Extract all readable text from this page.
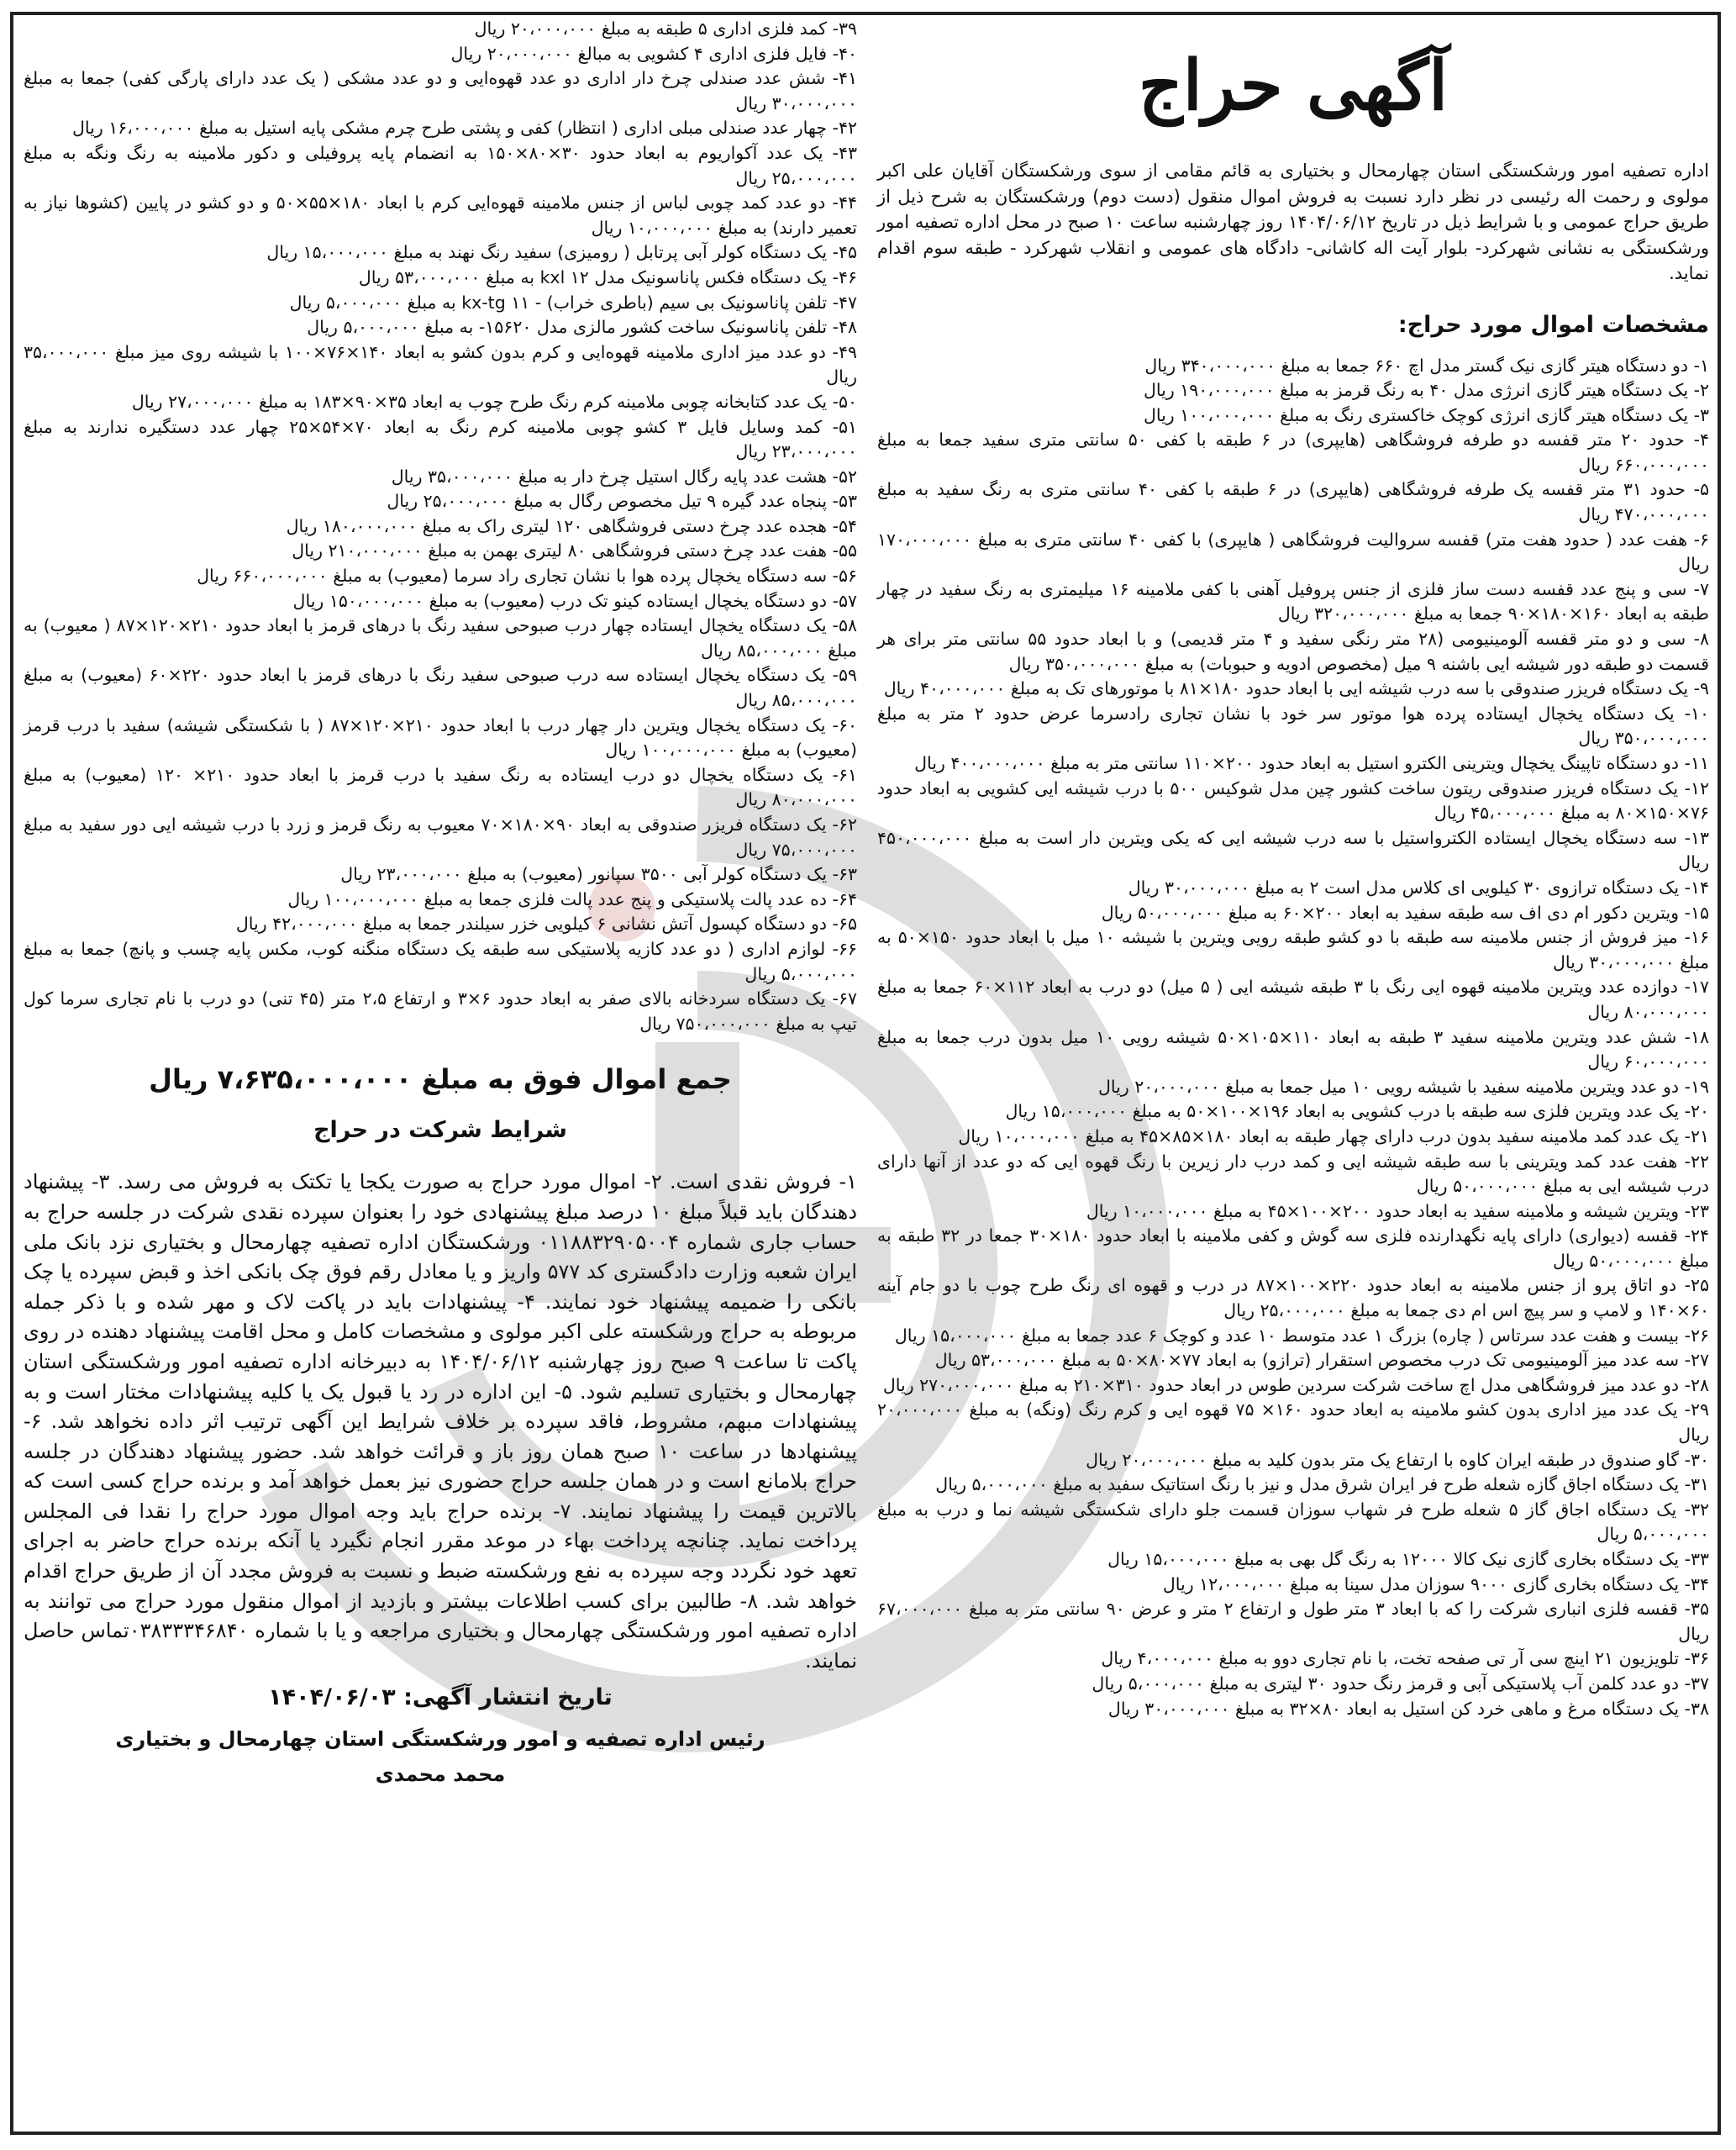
آگهی حراج

اداره تصفیه امور ورشکستگی استان چهارمحال و بختیاری به قائم مقامی از سوی ورشکستگان آقایان علی اکبر مولوی و رحمت اله رئیسی در نظر دارد نسبت به فروش اموال منقول (دست دوم) ورشکستگان به شرح ذیل از طریق حراج عمومی و با شرایط ذیل در تاریخ ۱۴۰۴/۰۶/۱۲ روز چهارشنبه ساعت ۱۰ صبح در محل اداره تصفیه امور ورشکستگی به نشانی شهرکرد- بلوار آیت اله کاشانی- دادگاه های عمومی و انقلاب شهرکرد - طبقه سوم اقدام نماید.

مشخصات اموال مورد حراج:

۱- دو دستگاه هیتر گازی نیک گستر مدل اچ ۶۶۰ جمعا به مبلغ ۳۴۰،۰۰۰،۰۰۰ ریال

۲- یک دستگاه هیتر گازی انرژی مدل ۴۰ به رنگ قرمز به مبلغ ۱۹۰،۰۰۰،۰۰۰ ریال

۳- یک دستگاه هیتر گازی انرژی کوچک خاکستری رنگ به مبلغ ۱۰۰،۰۰۰،۰۰۰ ریال

۴- حدود ۲۰ متر قفسه دو طرفه فروشگاهی (هایپری) در ۶ طبقه با کفی ۵۰ سانتی متری سفید جمعا به مبلغ ۶۶۰،۰۰۰،۰۰۰ ریال

۵- حدود ۳۱ متر قفسه یک طرفه فروشگاهی (هایپری) در ۶ طبقه با کفی ۴۰ سانتی متری به رنگ سفید به مبلغ ۴۷۰،۰۰۰،۰۰۰ ریال

۶- هفت عدد ( حدود هفت متر) قفسه سروالیت فروشگاهی ( هایپری) با کفی ۴۰ سانتی متری به مبلغ ۱۷۰،۰۰۰،۰۰۰ ریال

۷- سی و پنج عدد قفسه دست ساز فلزی از جنس پروفیل آهنی با کفی ملامینه ۱۶ میلیمتری به رنگ سفید در چهار طبقه به ابعاد ۱۶۰×۱۸۰×۹۰ جمعا به مبلغ ۳۲۰،۰۰۰،۰۰۰ ریال

۸- سی و دو متر قفسه آلومینیومی (۲۸ متر رنگی سفید و ۴ متر قدیمی) و با ابعاد حدود ۵۵ سانتی متر برای هر قسمت دو طبقه دور شیشه ایی باشنه ۹ میل (مخصوص ادویه و حبوبات) به مبلغ ۳۵۰،۰۰۰،۰۰۰ ریال

۹- یک دستگاه فریزر صندوقی با سه درب شیشه ایی با ابعاد حدود ۱۸۰×۸۱ با موتورهای تک به مبلغ ۴۰،۰۰۰،۰۰۰ ریال

۱۰- یک دستگاه یخچال ایستاده پرده هوا موتور سر خود با نشان تجاری رادسرما عرض حدود ۲ متر به مبلغ ۳۵۰،۰۰۰،۰۰۰ ریال

۱۱- دو دستگاه تاپینگ یخچال ویترینی الکترو استیل به ابعاد حدود ۲۰۰×۱۱۰ سانتی متر به مبلغ ۴۰۰،۰۰۰،۰۰۰ ریال

۱۲- یک دستگاه فریزر صندوقی ریتون ساخت کشور چین مدل شوکیس ۵۰۰ با درب شیشه ایی کشویی به ابعاد حدود ۷۶×۱۵۰×۸۰ به مبلغ ۴۵،۰۰۰،۰۰۰ ریال

۱۳- سه دستگاه یخچال ایستاده الکترواستیل با سه درب شیشه ایی که یکی ویترین دار است به مبلغ ۴۵۰،۰۰۰،۰۰۰ ریال

۱۴- یک دستگاه ترازوی ۳۰ کیلویی ای کلاس مدل است ۲ به مبلغ ۳۰،۰۰۰،۰۰۰ ریال

۱۵- ویترین دکور ام دی اف سه طبقه سفید به ابعاد ۲۰۰×۶۰ به مبلغ ۵۰،۰۰۰،۰۰۰ ریال

۱۶- میز فروش از جنس ملامینه سه طبقه با دو کشو طبقه رویی ویترین با شیشه ۱۰ میل با ابعاد حدود ۱۵۰×۵۰ به مبلغ ۳۰،۰۰۰،۰۰۰ ریال

۱۷- دوازده عدد ویترین ملامینه قهوه ایی رنگ با ۳ طبقه شیشه ایی ( ۵ میل) دو درب به ابعاد ۱۱۲×۶۰ جمعا به مبلغ ۸۰،۰۰۰،۰۰۰ ریال

۱۸- شش عدد ویترین ملامینه سفید ۳ طبقه به ابعاد ۱۱۰×۱۰۵×۵۰ شیشه رویی ۱۰ میل بدون درب جمعا به مبلغ ۶۰،۰۰۰،۰۰۰ ریال

۱۹- دو عدد ویترین ملامینه سفید با شیشه رویی ۱۰ میل جمعا به مبلغ ۲۰،۰۰۰،۰۰۰ ریال

۲۰- یک عدد ویترین فلزی سه طبقه با درب کشویی به ابعاد ۱۹۶×۱۰۰×۵۰ به مبلغ ۱۵،۰۰۰،۰۰۰ ریال

۲۱- یک عدد کمد ملامینه سفید بدون درب دارای چهار طبقه به ابعاد ۱۸۰×۸۵×۴۵ به مبلغ ۱۰،۰۰۰،۰۰۰ ریال

۲۲- هفت عدد کمد ویترینی با سه طبقه شیشه ایی و کمد درب دار زیرین با رنگ قهوه ایی که دو عدد از آنها دارای درب شیشه ایی به مبلغ ۵۰،۰۰۰،۰۰۰ ریال

۲۳- ویترین شیشه و ملامینه سفید به ابعاد حدود ۲۰۰×۱۰۰×۴۵ به مبلغ ۱۰،۰۰۰،۰۰۰ ریال

۲۴- قفسه (دیواری) دارای پایه نگهدارنده فلزی سه گوش و کفی ملامینه با ابعاد حدود ۱۸۰×۳۰ جمعا در ۳۲ طبقه به مبلغ ۵۰،۰۰۰،۰۰۰ ریال

۲۵- دو اتاق پرو از جنس ملامینه به ابعاد حدود ۲۲۰×۱۰۰×۸۷ در درب و قهوه ای رنگ طرح چوب با دو جام آینه ۶۰×۱۴۰ و لامپ و سر پیچ اس ام دی جمعا به مبلغ ۲۵،۰۰۰،۰۰۰ ریال

۲۶- بیست و هفت عدد سرتاس ( چاره) بزرگ ۱ عدد متوسط ۱۰ عدد و کوچک ۶ عدد جمعا به مبلغ ۱۵،۰۰۰،۰۰۰ ریال

۲۷- سه عدد میز آلومینیومی تک درب مخصوص استقرار (ترازو) به ابعاد ۷۷×۸۰×۵۰ به مبلغ ۵۳،۰۰۰،۰۰۰ ریال

۲۸- دو عدد میز فروشگاهی مدل اچ ساخت شرکت سردین طوس در ابعاد حدود ۳۱۰×۲۱۰ به مبلغ ۲۷۰،۰۰۰،۰۰۰ ریال

۲۹- یک عدد میز اداری بدون کشو ملامینه به ابعاد حدود ۱۶۰× ۷۵ قهوه ایی و کرم رنگ (ونگه) به مبلغ ۲۰،۰۰۰،۰۰۰ ریال

۳۰- گاو صندوق در طبقه ایران کاوه با ارتفاع یک متر بدون کلید به مبلغ ۲۰،۰۰۰،۰۰۰ ریال

۳۱- یک دستگاه اجاق گازه شعله طرح فر ایران شرق مدل و نیز با رنگ استاتیک سفید به مبلغ ۵،۰۰۰،۰۰۰ ریال

۳۲- یک دستگاه اجاق گاز ۵ شعله طرح فر شهاب سوزان قسمت جلو دارای شکستگی شیشه نما و درب به مبلغ ۵،۰۰۰،۰۰۰ ریال

۳۳- یک دستگاه بخاری گازی نیک کالا ۱۲۰۰۰ به رنگ گل بهی به مبلغ ۱۵،۰۰۰،۰۰۰ ریال

۳۴- یک دستگاه بخاری گازی ۹۰۰۰ سوزان مدل سینا به مبلغ ۱۲،۰۰۰،۰۰۰ ریال

۳۵- قفسه فلزی انباری شرکت را که با ابعاد ۳ متر طول و ارتفاع ۲ متر و عرض ۹۰ سانتی متر به مبلغ ۶۷،۰۰۰،۰۰۰ ریال

۳۶- تلویزیون ۲۱ اینچ سی آر تی صفحه تخت، با نام تجاری دوو به مبلغ ۴،۰۰۰،۰۰۰ ریال

۳۷- دو عدد کلمن آب پلاستیکی آبی و قرمز رنگ حدود ۳۰ لیتری به مبلغ ۵،۰۰۰،۰۰۰ ریال

۳۸- یک دستگاه مرغ و ماهی خرد کن استیل به ابعاد ۸۰×۳۲ به مبلغ ۳۰،۰۰۰،۰۰۰ ریال

۳۹- کمد فلزی اداری ۵ طبقه به مبلغ ۲۰،۰۰۰،۰۰۰ ریال

۴۰- فایل فلزی اداری ۴ کشویی به مبالغ ۲۰،۰۰۰،۰۰۰ ریال

۴۱- شش عدد صندلی چرخ دار اداری دو عدد قهوه‌ایی و دو عدد مشکی ( یک عدد دارای پارگی کفی) جمعا به مبلغ ۳۰،۰۰۰،۰۰۰ ریال

۴۲- چهار عدد صندلی مبلی اداری ( انتظار) کفی و پشتی طرح چرم مشکی پایه استیل به مبلغ ۱۶،۰۰۰،۰۰۰ ریال

۴۳- یک عدد آکواریوم به ابعاد حدود ۳۰×۸۰×۱۵۰ به انضمام پایه پروفیلی و دکور ملامینه به رنگ ونگه به مبلغ ۲۵،۰۰۰،۰۰۰ ریال

۴۴- دو عدد کمد چوبی لباس از جنس ملامینه قهوه‌ایی کرم با ابعاد ۱۸۰×۵۵×۵۰ و دو کشو در پایین (کشوها نیاز به تعمیر دارند) به مبلغ ۱۰،۰۰۰،۰۰۰ ریال

۴۵- یک دستگاه کولر آبی پرتابل ( رومیزی) سفید رنگ نهند به مبلغ ۱۵،۰۰۰،۰۰۰ ریال

۴۶- یک دستگاه فکس پاناسونیک مدل kxl ۱۲ به مبلغ ۵۳،۰۰۰،۰۰۰ ریال

۴۷- تلفن پاناسونیک بی سیم (باطری خراب) - kx-tg ۱۱ به مبلغ ۵،۰۰۰،۰۰۰ ریال

۴۸- تلفن پاناسونیک ساخت کشور مالزی مدل ۱۵۶۲۰- به مبلغ ۵،۰۰۰،۰۰۰ ریال

۴۹- دو عدد میز اداری ملامینه قهوه‌ایی و کرم بدون کشو به ابعاد ۱۴۰×۷۶×۱۰۰ با شیشه روی میز مبلغ ۳۵،۰۰۰،۰۰۰ ریال

۵۰- یک عدد کتابخانه چوبی ملامینه کرم رنگ طرح چوب به ابعاد ۳۵×۹۰×۱۸۳ به مبلغ ۲۷،۰۰۰،۰۰۰ ریال

۵۱- کمد وسایل فایل ۳ کشو چوبی ملامینه کرم رنگ به ابعاد ۷۰×۵۴×۲۵ چهار عدد دستگیره ندارند به مبلغ ۲۳،۰۰۰،۰۰۰ ریال

۵۲- هشت عدد پایه رگال استیل چرخ دار به مبلغ ۳۵،۰۰۰،۰۰۰ ریال

۵۳- پنجاه عدد گیره ۹ تیل مخصوص رگال به مبلغ ۲۵،۰۰۰،۰۰۰ ریال

۵۴- هجده عدد چرخ دستی فروشگاهی ۱۲۰ لیتری راک به مبلغ ۱۸۰،۰۰۰،۰۰۰ ریال

۵۵- هفت عدد چرخ دستی فروشگاهی ۸۰ لیتری بهمن به مبلغ ۲۱۰،۰۰۰،۰۰۰ ریال

۵۶- سه دستگاه یخچال پرده هوا با نشان تجاری راد سرما (معیوب) به مبلغ ۶۶۰،۰۰۰،۰۰۰ ریال

۵۷- دو دستگاه یخچال ایستاده کینو تک درب (معیوب) به مبلغ ۱۵۰،۰۰۰،۰۰۰ ریال

۵۸- یک دستگاه یخچال ایستاده چهار درب صبوحی سفید رنگ با درهای قرمز با ابعاد حدود ۲۱۰×۱۲۰×۸۷ ( معیوب) به مبلغ ۸۵،۰۰۰،۰۰۰ ریال

۵۹- یک دستگاه یخچال ایستاده سه درب صبوحی سفید رنگ با درهای قرمز با ابعاد حدود ۲۲۰×۶۰ (معیوب) به مبلغ ۸۵،۰۰۰،۰۰۰ ریال

۶۰- یک دستگاه یخچال ویترین دار چهار درب با ابعاد حدود ۲۱۰×۱۲۰×۸۷ ( با شکستگی شیشه) سفید با درب قرمز (معیوب) به مبلغ ۱۰۰،۰۰۰،۰۰۰ ریال

۶۱- یک دستگاه یخچال دو درب ایستاده به رنگ سفید با درب قرمز با ابعاد حدود ۲۱۰× ۱۲۰ (معیوب) به مبلغ ۸۰،۰۰۰،۰۰۰ ریال

۶۲- یک دستگاه فریزر صندوقی به ابعاد ۹۰×۱۸۰×۷۰ معیوب به رنگ قرمز و زرد با درب شیشه ایی دور سفید به مبلغ ۷۵،۰۰۰،۰۰۰ ریال

۶۳- یک دستگاه کولر آبی ۳۵۰۰ سپانور (معیوب) به مبلغ ۲۳،۰۰۰،۰۰۰ ریال

۶۴- ده عدد پالت پلاستیکی و پنج عدد پالت فلزی جمعا به مبلغ ۱۰۰،۰۰۰،۰۰۰ ریال

۶۵- دو دستگاه کپسول آتش نشانی ۶ کیلویی خزر سیلندر جمعا به مبلغ ۴۲،۰۰۰،۰۰۰ ریال

۶۶- لوازم اداری ( دو عدد کازیه پلاستیکی سه طبقه یک دستگاه منگنه کوب، مکس پایه چسب و پانچ) جمعا به مبلغ ۵،۰۰۰،۰۰۰ ریال

۶۷- یک دستگاه سردخانه بالای صفر به ابعاد حدود ۶×۳ و ارتفاع ۲،۵ متر (۴۵ تنی) دو درب با نام تجاری سرما کول تیپ به مبلغ ۷۵۰،۰۰۰،۰۰۰ ریال

جمع اموال فوق به مبلغ ۷،۶۳۵،۰۰۰،۰۰۰ ریال
شرایط شرکت در حراج

۱- فروش نقدی است. ۲- اموال مورد حراج به صورت یکجا یا تکتک به فروش می رسد. ۳- پیشنهاد دهندگان باید قبلاً مبلغ ۱۰ درصد مبلغ پیشنهادی خود را بعنوان سپرده نقدی شرکت در جلسه حراج به حساب جاری شماره ۰۱۱۸۸۳۲۹۰۵۰۰۴ ورشکستگان اداره تصفیه چهارمحال و بختیاری نزد بانک ملی ایران شعبه وزارت دادگستری کد ۵۷۷ واریز و یا معادل رقم فوق چک بانکی اخذ و قبض سپرده یا چک بانکی را ضمیمه پیشنهاد خود نمایند. ۴- پیشنهادات باید در پاکت لاک و مهر شده و با ذکر جمله مربوطه به حراج ورشکسته علی اکبر مولوی و مشخصات کامل و محل اقامت پیشنهاد دهنده در روی پاکت تا ساعت ۹ صبح روز چهارشنبه ۱۴۰۴/۰۶/۱۲ به دبیرخانه اداره تصفیه امور ورشکستگی استان چهارمحال و بختیاری تسلیم شود. ۵- این اداره در رد یا قبول یک یا کلیه پیشنهادات مختار است و به پیشنهادات مبهم، مشروط، فاقد سپرده بر خلاف شرایط این آگهی ترتیب اثر داده نخواهد شد. ۶- پیشنهادها در ساعت ۱۰ صبح همان روز باز و قرائت خواهد شد. حضور پیشنهاد دهندگان در جلسه حراج بلامانع است و در همان جلسه حراج حضوری نیز بعمل خواهد آمد و برنده حراج کسی است که بالاترین قیمت را پیشنهاد نمایند. ۷- برنده حراج باید وجه اموال مورد حراج را نقدا فی المجلس پرداخت نماید. چنانچه پرداخت بهاء در موعد مقرر انجام نگیرد یا آنکه برنده حراج حاضر به اجرای تعهد خود نگردد وجه سپرده به نفع ورشکسته ضبط و نسبت به فروش مجدد آن از طریق حراج اقدام خواهد شد. ۸- طالبین برای کسب اطلاعات بیشتر و بازدید از اموال منقول مورد حراج می توانند به اداره تصفیه امور ورشکستگی چهارمحال و بختیاری مراجعه و یا با شماره ۰۳۸۳۳۳۴۶۸۴۰تماس حاصل نمایند.

تاریخ انتشار آگهی: ۱۴۰۴/۰۶/۰۳
رئیس اداره تصفیه و امور ورشکستگی استان چهارمحال و بختیاری
محمد محمدی
